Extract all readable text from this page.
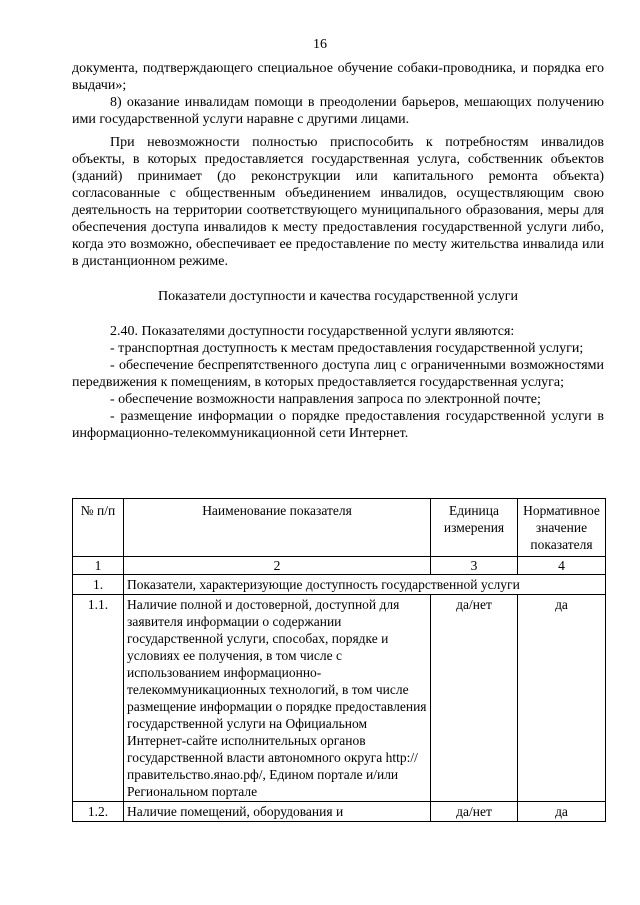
16

документа, подтверждающего специальное обучение собаки-проводника, и порядка его выдачи»;

8) оказание инвалидам помощи в преодолении барьеров, мешающих получению ими государственной услуги наравне с другими лицами.

При невозможности полностью приспособить к потребностям инвалидов объекты, в которых предоставляется государственная услуга, собственник объектов (зданий) принимает (до реконструкции или капитального ремонта объекта) согласованные с общественным объединением инвалидов, осуществляющим свою деятельность на территории соответствующего муниципального образования, меры для обеспечения доступа инвалидов к месту предоставления государственной услуги либо, когда это возможно, обеспечивает ее предоставление по месту жительства инвалида или в дистанционном режиме.

Показатели доступности и качества государственной услуги

2.40. Показателями доступности государственной услуги являются:

- транспортная доступность к местам предоставления государственной услуги;

- обеспечение беспрепятственного доступа лиц с ограниченными возможностями передвижения к помещениям, в которых предоставляется государственная услуга;

- обеспечение возможности направления запроса по электронной почте;

- размещение информации о порядке предоставления государственной услуги в информационно-телекоммуникационной сети Интернет.

№ п/п	Наименование показателя	Единица измерения	Нормативное значение показателя
1	2	3	4
1.	Показатели, характеризующие доступность государственной услуги		
1.1.	Наличие полной и достоверной, доступной для заявителя информации о содержании государственной услуги, способах, порядке и условиях ее получения, в том числе с использованием информационно-телекоммуникационных технологий, в том числе размещение информации о порядке предоставления государственной услуги на Официальном Интернет-сайте исполнительных органов государственной власти автономного округа http://правительство.янао.рф/, Едином портале и/или Региональном портале	да/нет	да
1.2.	Наличие помещений, оборудования и	да/нет	да
